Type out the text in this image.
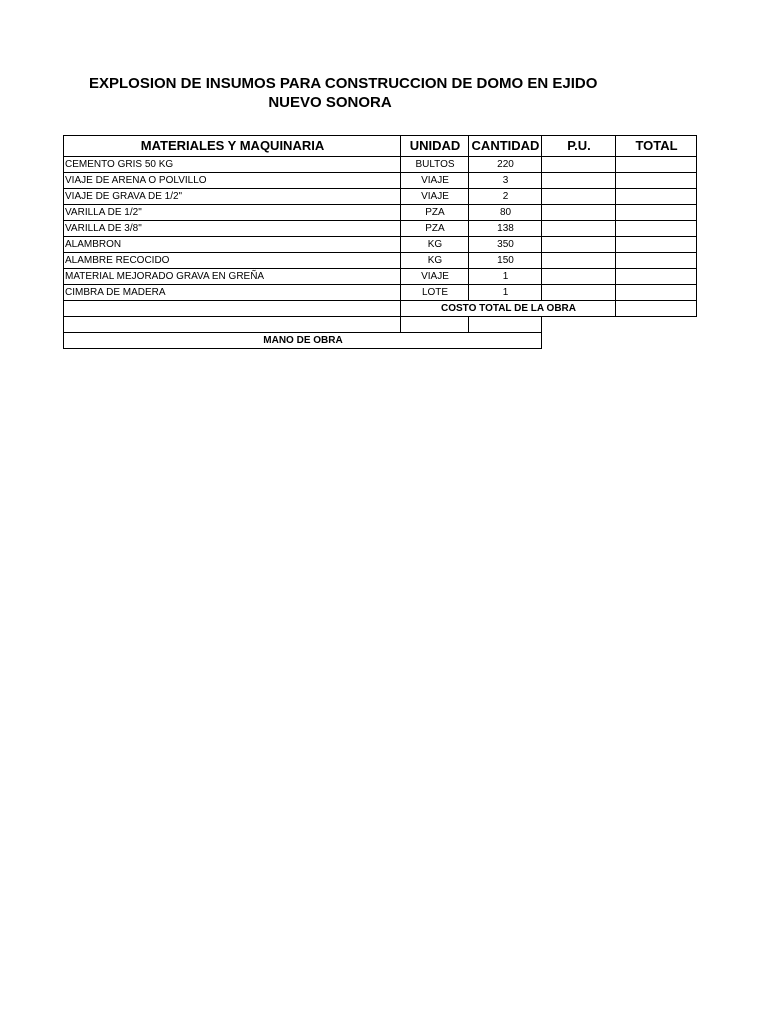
EXPLOSION DE INSUMOS PARA CONSTRUCCION DE DOMO EN EJIDO
NUEVO SONORA
MATERIALES Y MAQUINARIA	UNIDAD	CANTIDAD	P.U.	TOTAL
CEMENTO GRIS 50 KG	BULTOS	220		
VIAJE DE ARENA O POLVILLO	VIAJE	3		
VIAJE DE GRAVA DE 1/2"	VIAJE	2		
VARILLA DE 1/2"	PZA	80		
VARILLA DE 3/8"	PZA	138		
ALAMBRON	KG	350		
ALAMBRE RECOCIDO	KG	150		
MATERIAL MEJORADO GRAVA EN GREÑA	VIAJE	1		
CIMBRA DE MADERA	LOTE	1		
	COSTO TOTAL DE LA OBRA			

MANO DE OBRA				
